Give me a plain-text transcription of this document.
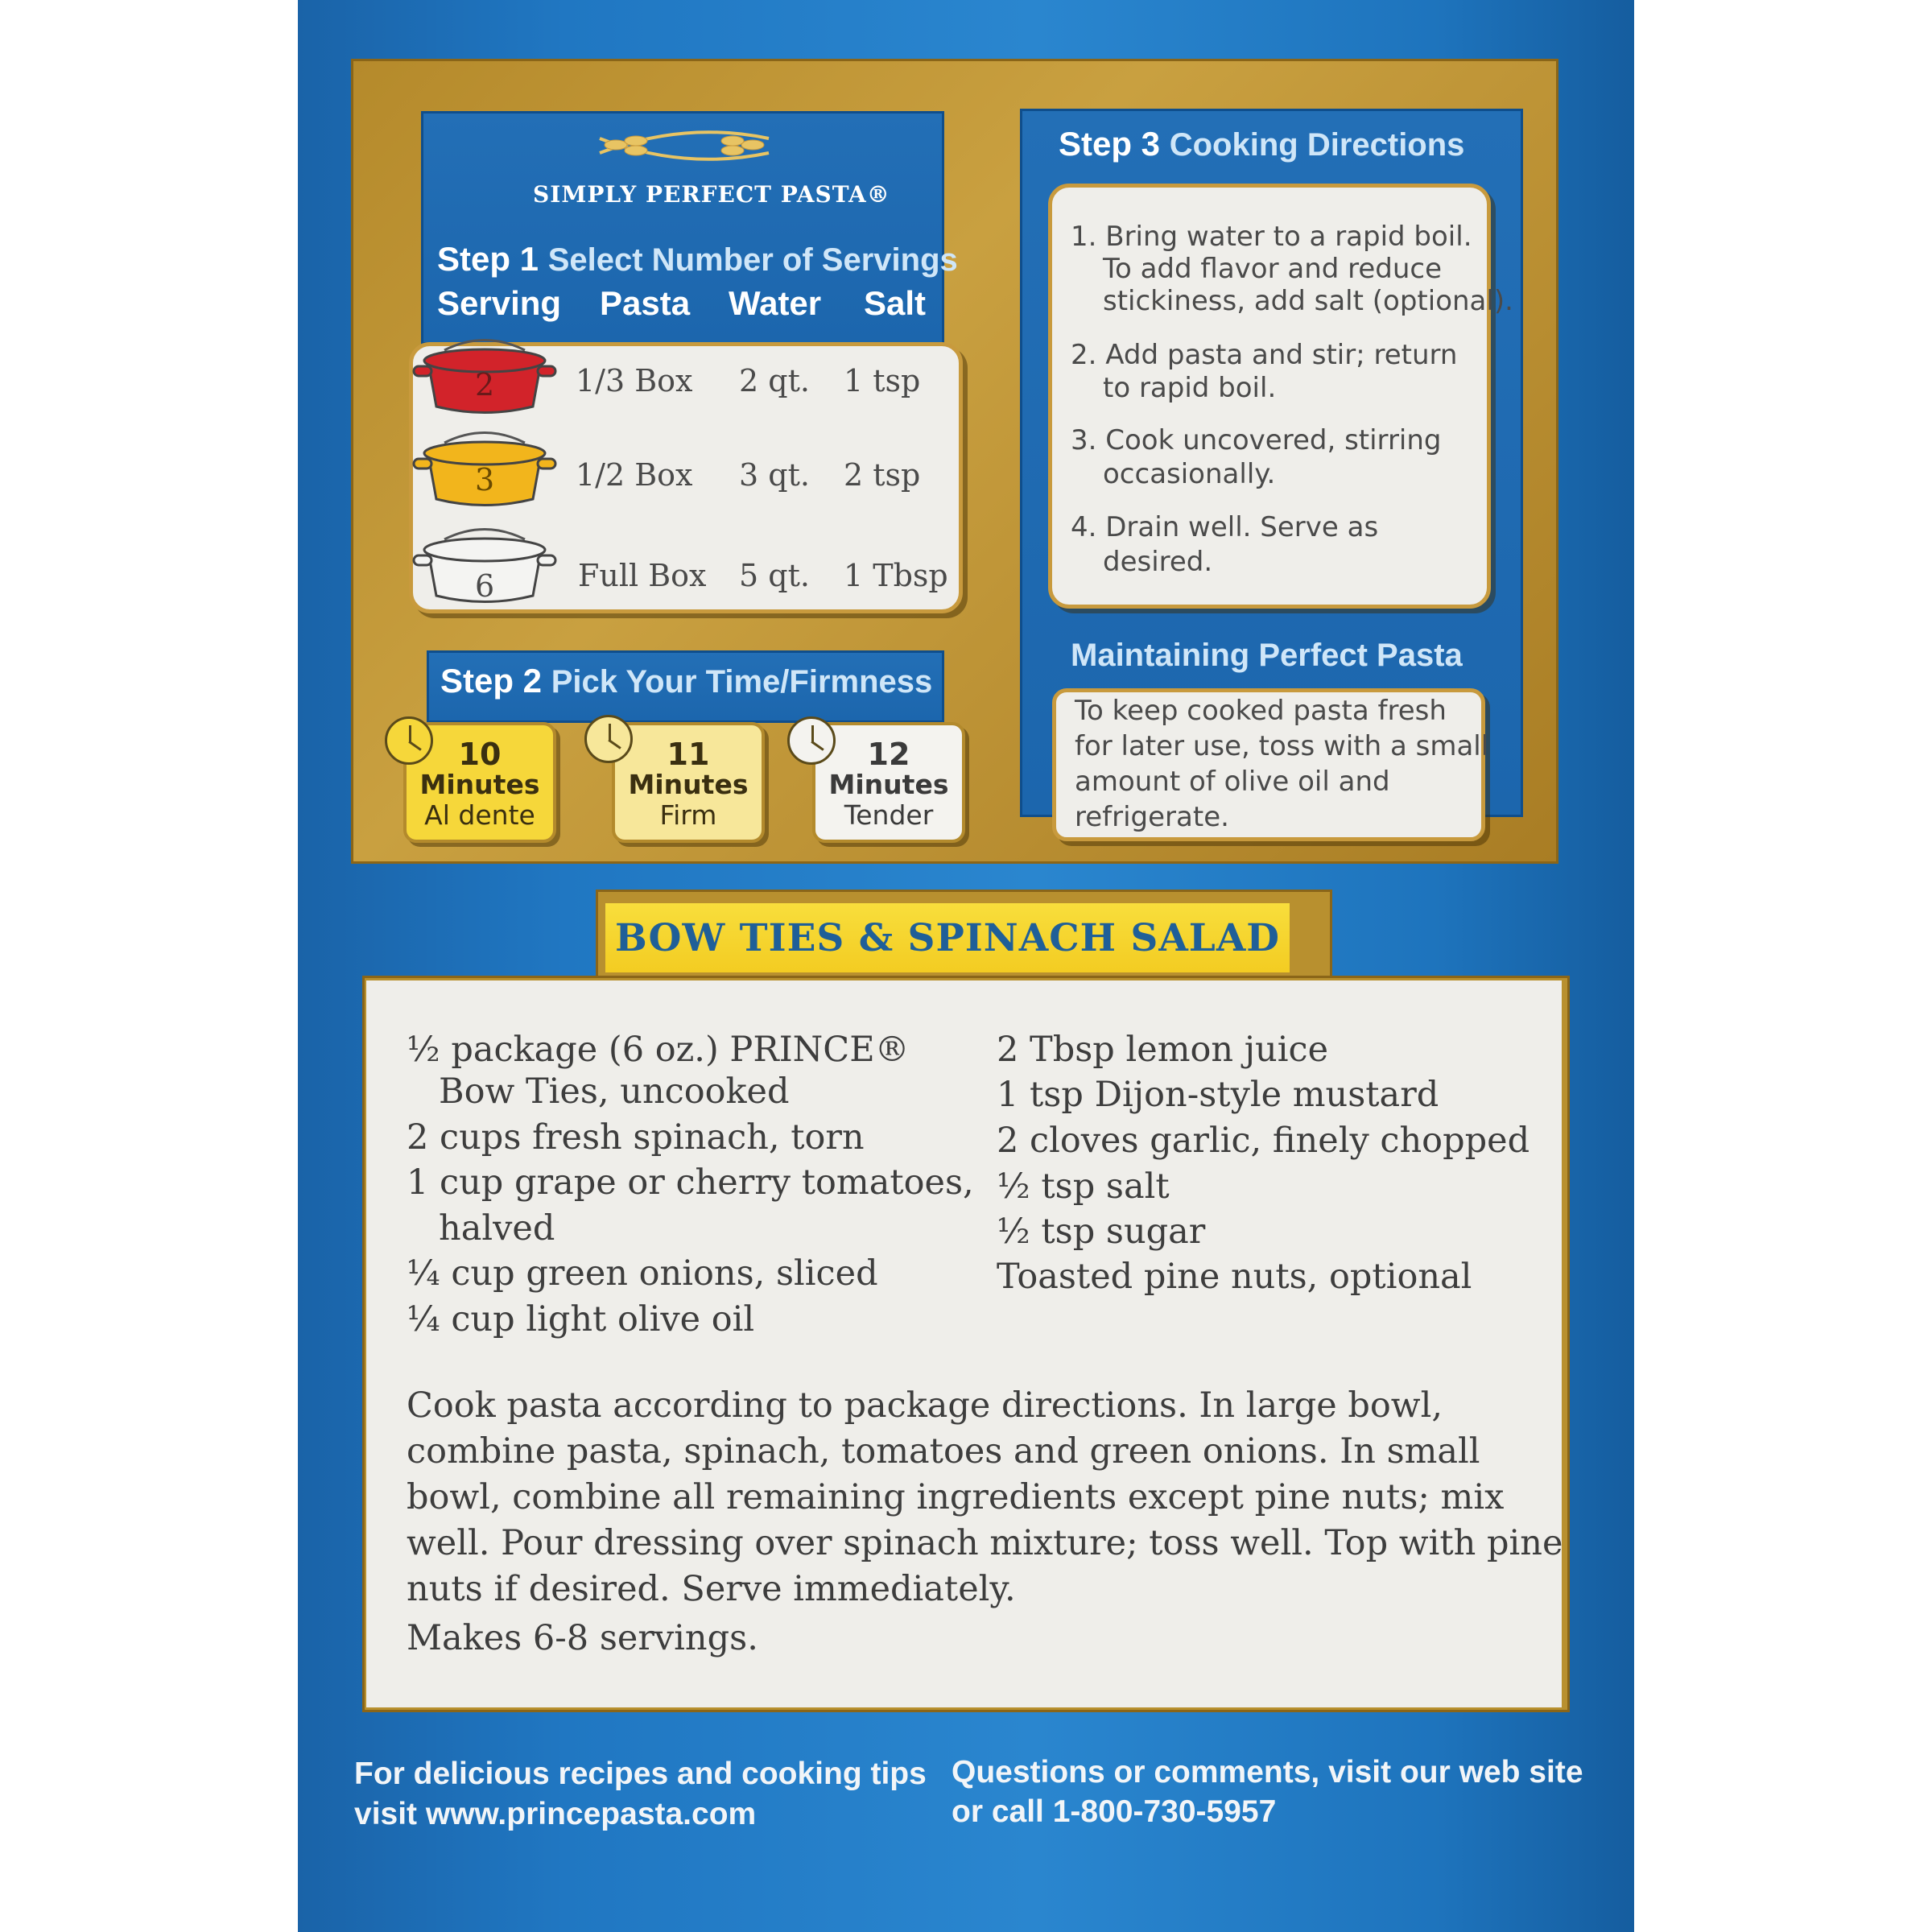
SIMPLY PERFECT PASTA®
Step 1 Select Number of Servings
Serving Pasta Water Salt
2	1/3 Box 2 qt. 1 tsp
3	1/2 Box 3 qt. 2 tsp
6	Full Box 5 qt. 1 Tbsp
Step 2 Pick Your Time/Firmness
10
Minutes
Al dente
11
Minutes
Firm
12
Minutes
Tender
Step 3 Cooking Directions
1. Bring water to a rapid boil.
To add flavor and reduce
stickiness, add salt (optional).
2. Add pasta and stir; return
to rapid boil.
3. Cook uncovered, stirring
occasionally.
4. Drain well. Serve as
desired.
Maintaining Perfect Pasta
To keep cooked pasta fresh
for later use, toss with a small
amount of olive oil and
refrigerate.
BOW TIES & SPINACH SALAD
½ package (6 oz.) PRINCE®
Bow Ties, uncooked
2 cups fresh spinach, torn
1 cup grape or cherry tomatoes,
halved
¼ cup green onions, sliced
¼ cup light olive oil
2 Tbsp lemon juice
1 tsp Dijon-style mustard
2 cloves garlic, finely chopped
½ tsp salt
½ tsp sugar
Toasted pine nuts, optional
Cook pasta according to package directions. In large bowl,
combine pasta, spinach, tomatoes and green onions. In small
bowl, combine all remaining ingredients except pine nuts; mix
well. Pour dressing over spinach mixture; toss well. Top with pine
nuts if desired. Serve immediately.
Makes 6-8 servings.
For delicious recipes and cooking tips
visit www.princepasta.com
Questions or comments, visit our web site
or call 1-800-730-5957
